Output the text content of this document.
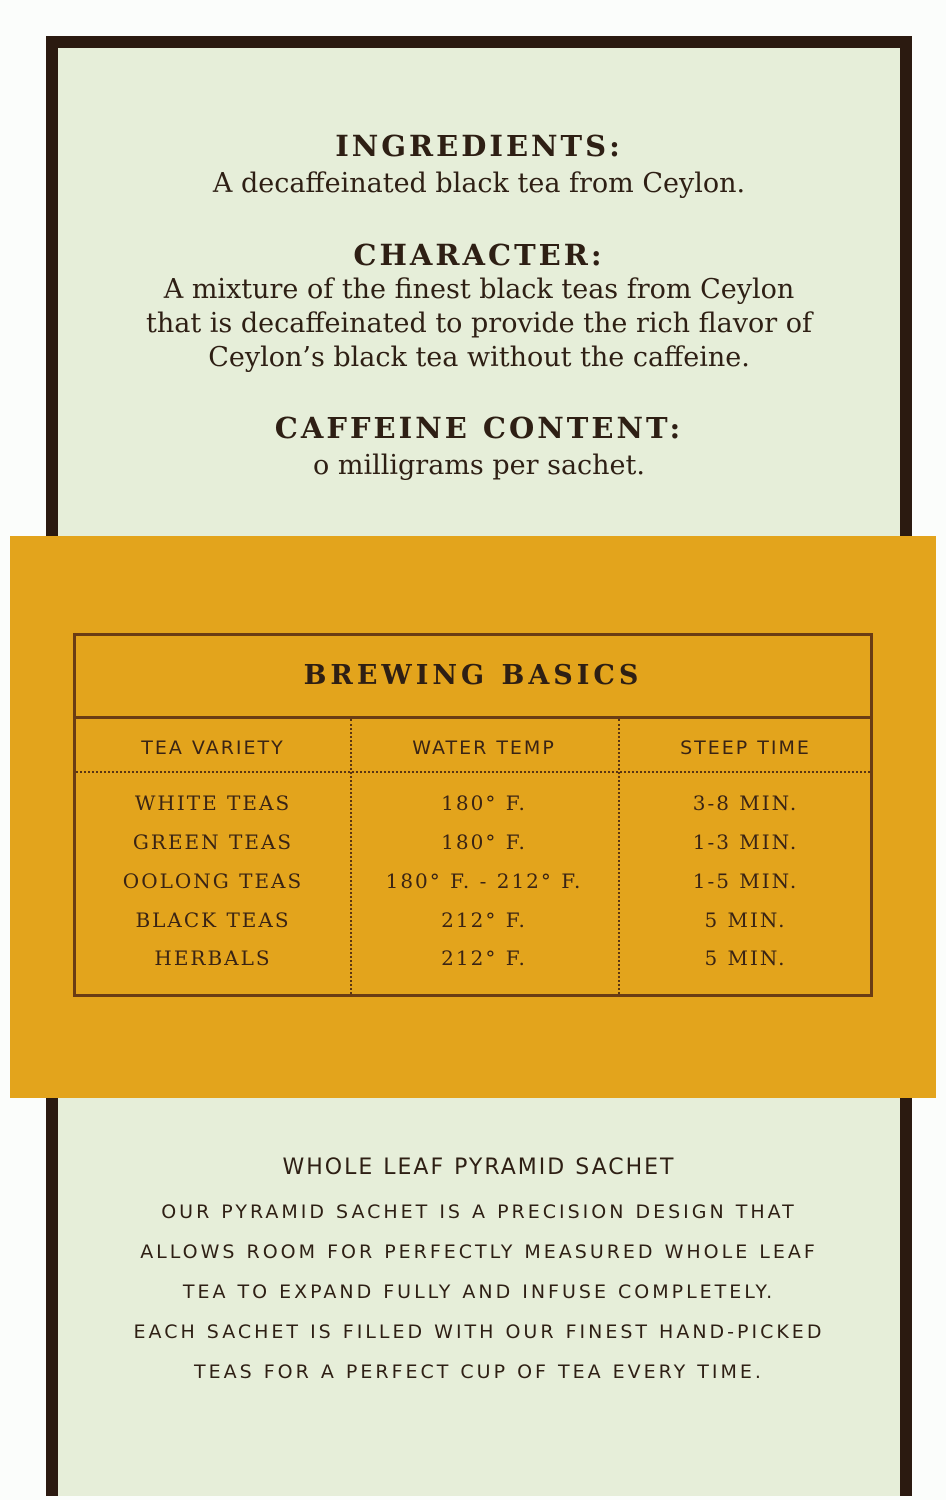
INGREDIENTS:
A decaffeinated black tea from Ceylon.
CHARACTER:
A mixture of the finest black teas from Ceylon
that is decaffeinated to provide the rich flavor of
Ceylon’s black tea without the caffeine.
CAFFEINE CONTENT:
o milligrams per sachet.
BREWING BASICS
TEA VARIETY	WATER TEMP	STEEP TIME
WHITE TEAS	180° F.	3-8 MIN.
GREEN TEAS	180° F.	1-3 MIN.
OOLONG TEAS	180° F. - 212° F.	1-5 MIN.
BLACK TEAS	212° F.	5 MIN.
HERBALS	212° F.	5 MIN.
WHOLE LEAF PYRAMID SACHET
OUR PYRAMID SACHET IS A PRECISION DESIGN THAT
ALLOWS ROOM FOR PERFECTLY MEASURED WHOLE LEAF
TEA TO EXPAND FULLY AND INFUSE COMPLETELY.
EACH SACHET IS FILLED WITH OUR FINEST HAND-PICKED
TEAS FOR A PERFECT CUP OF TEA EVERY TIME.
